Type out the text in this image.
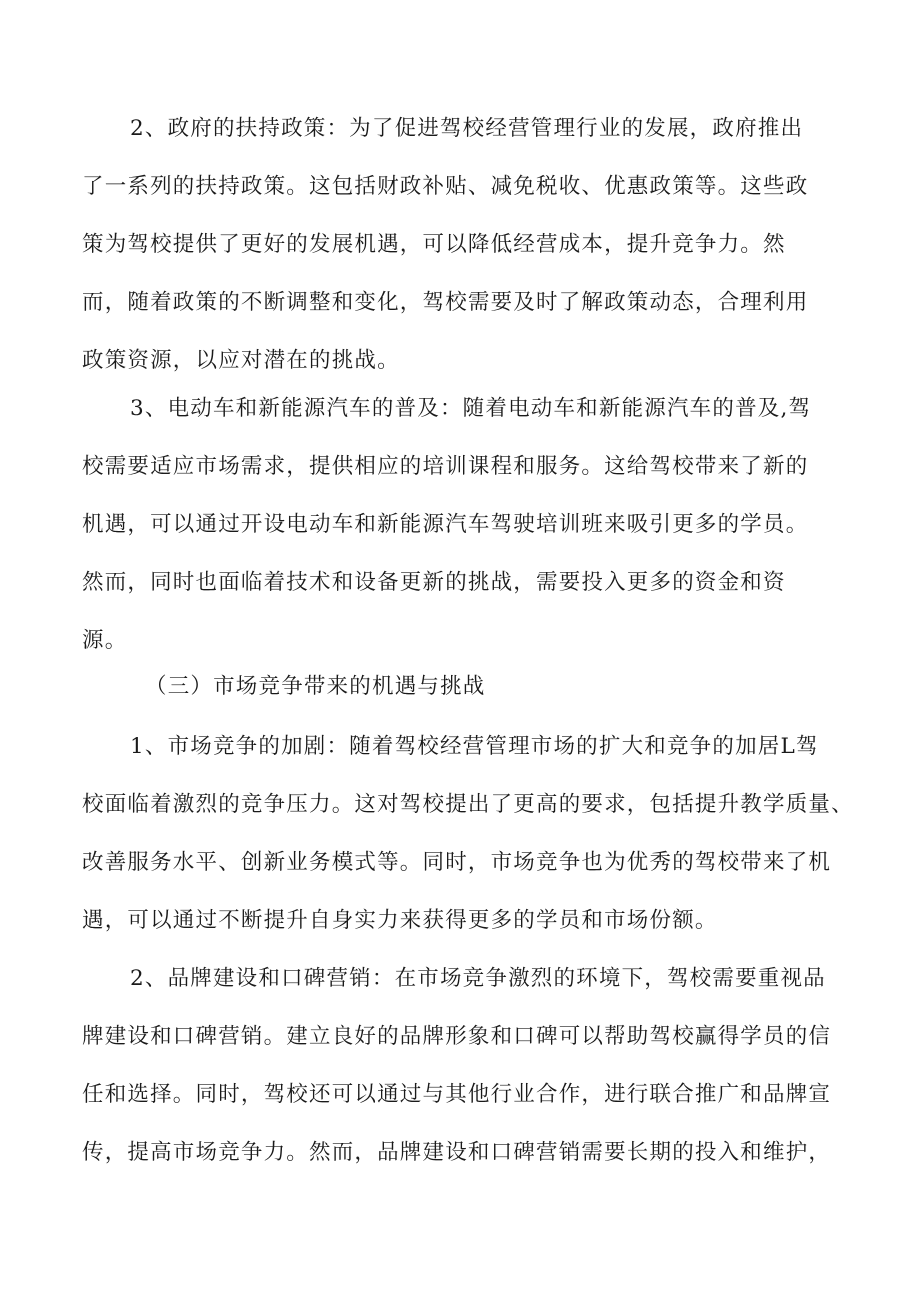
2、政府的扶持政策：为了促进驾校经营管理行业的发展，政府推出
了一系列的扶持政策。这包括财政补贴、减免税收、优惠政策等。这些政
策为驾校提供了更好的发展机遇，可以降低经营成本，提升竞争力。然
而，随着政策的不断调整和变化，驾校需要及时了解政策动态，合理利用
政策资源，以应对潜在的挑战。
3、电动车和新能源汽车的普及：随着电动车和新能源汽车的普及,驾
校需要适应市场需求，提供相应的培训课程和服务。这给驾校带来了新的
机遇，可以通过开设电动车和新能源汽车驾驶培训班来吸引更多的学员。
然而，同时也面临着技术和设备更新的挑战，需要投入更多的资金和资
源。
（三）市场竞争带来的机遇与挑战
1、市场竞争的加剧：随着驾校经营管理市场的扩大和竞争的加居L驾
校面临着激烈的竞争压力。这对驾校提出了更高的要求，包括提升教学质量、
改善服务水平、创新业务模式等。同时，市场竞争也为优秀的驾校带来了机
遇，可以通过不断提升自身实力来获得更多的学员和市场份额。
2、品牌建设和口碑营销：在市场竞争激烈的环境下，驾校需要重视品
牌建设和口碑营销。建立良好的品牌形象和口碑可以帮助驾校赢得学员的信
任和选择。同时，驾校还可以通过与其他行业合作，进行联合推广和品牌宣
传，提高市场竞争力。然而，品牌建设和口碑营销需要长期的投入和维护，
